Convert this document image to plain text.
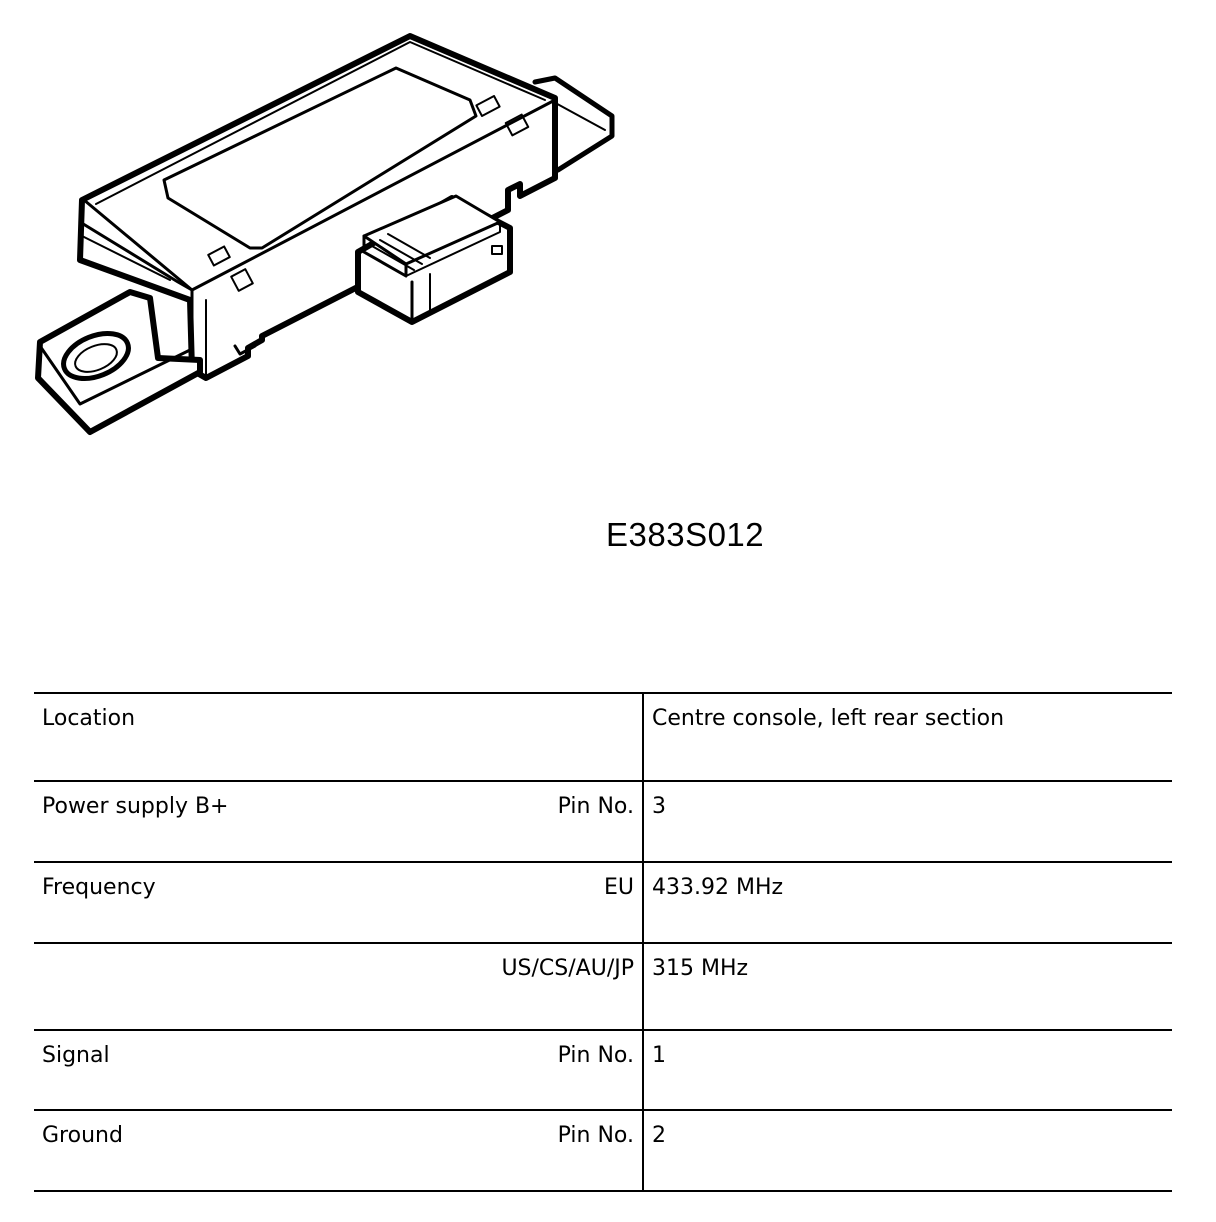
E383S012
Location	Centre console, left rear section

Power supply B+ Pin No.	3

Frequency EU	433.92 MHz

US/CS/AU/JP	315 MHz

Signal Pin No.	1

Ground Pin No.	2
